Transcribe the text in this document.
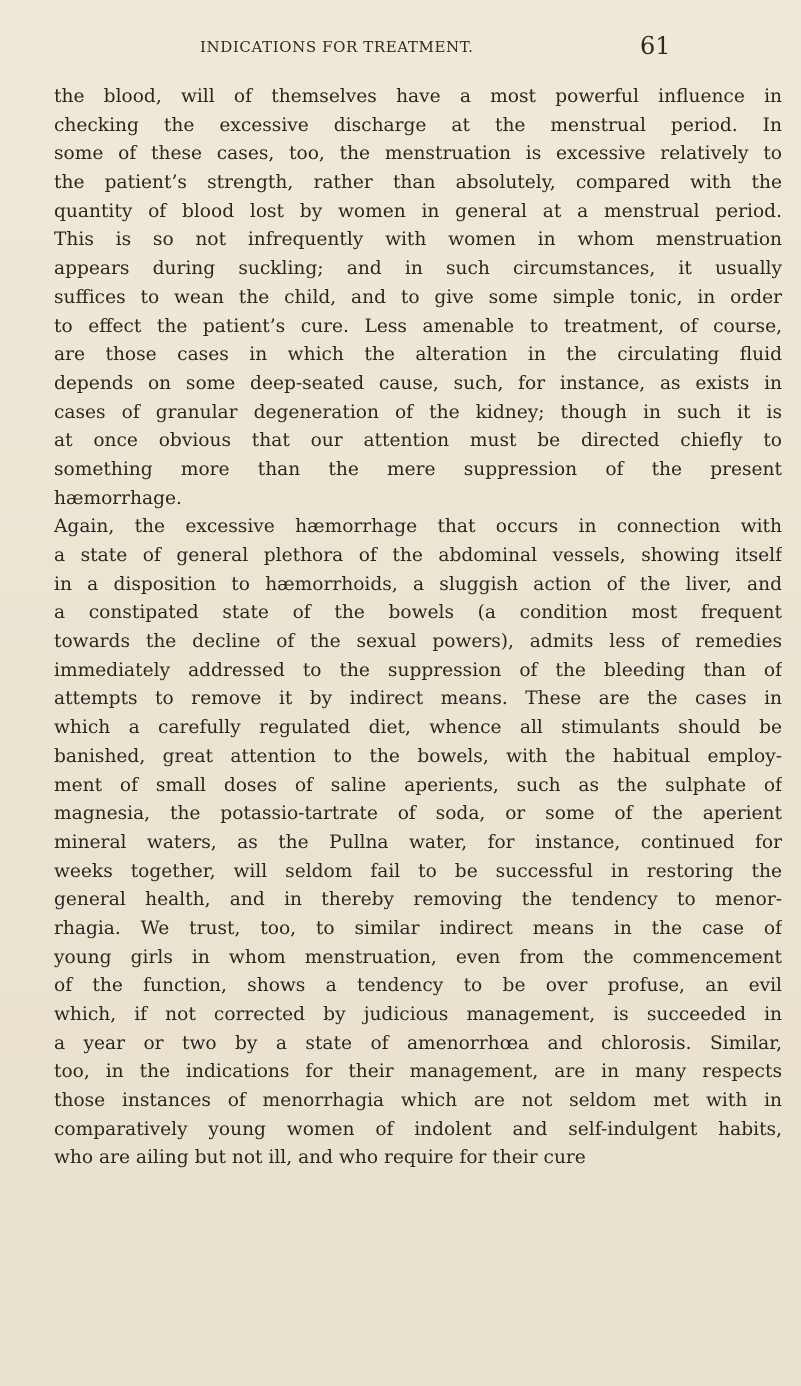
INDICATIONS FOR TREATMENT.	61
the blood, will of themselves have a most powerful influence in
checking the excessive discharge at the menstrual period. In
some of these cases, too, the menstruation is excessive relatively to
the patient’s strength, rather than absolutely, compared with the
quantity of blood lost by women in general at a menstrual period.
This is so not infrequently with women in whom menstruation
appears during suckling; and in such circumstances, it usually
suffices to wean the child, and to give some simple tonic, in order
to effect the patient’s cure. Less amenable to treatment, of course,
are those cases in which the alteration in the circulating fluid
depends on some deep-seated cause, such, for instance, as exists in
cases of granular degeneration of the kidney; though in such it is
at once obvious that our attention must be directed chiefly to
something more than the mere suppression of the present
hæmorrhage.
Again, the excessive hæmorrhage that occurs in connection with
a state of general plethora of the abdominal vessels, showing itself
in a disposition to hæmorrhoids, a sluggish action of the liver, and
a constipated state of the bowels (a condition most frequent
towards the decline of the sexual powers), admits less of remedies
immediately addressed to the suppression of the bleeding than of
attempts to remove it by indirect means. These are the cases in
which a carefully regulated diet, whence all stimulants should be
banished, great attention to the bowels, with the habitual employ-
ment of small doses of saline aperients, such as the sulphate of
magnesia, the potassio-tartrate of soda, or some of the aperient
mineral waters, as the Pullna water, for instance, continued for
weeks together, will seldom fail to be successful in restoring the
general health, and in thereby removing the tendency to menor-
rhagia. We trust, too, to similar indirect means in the case of
young girls in whom menstruation, even from the commencement
of the function, shows a tendency to be over profuse, an evil
which, if not corrected by judicious management, is succeeded in
a year or two by a state of amenorrhœa and chlorosis. Similar,
too, in the indications for their management, are in many respects
those instances of menorrhagia which are not seldom met with in
comparatively young women of indolent and self-indulgent habits,
who are ailing but not ill, and who require for their cure
